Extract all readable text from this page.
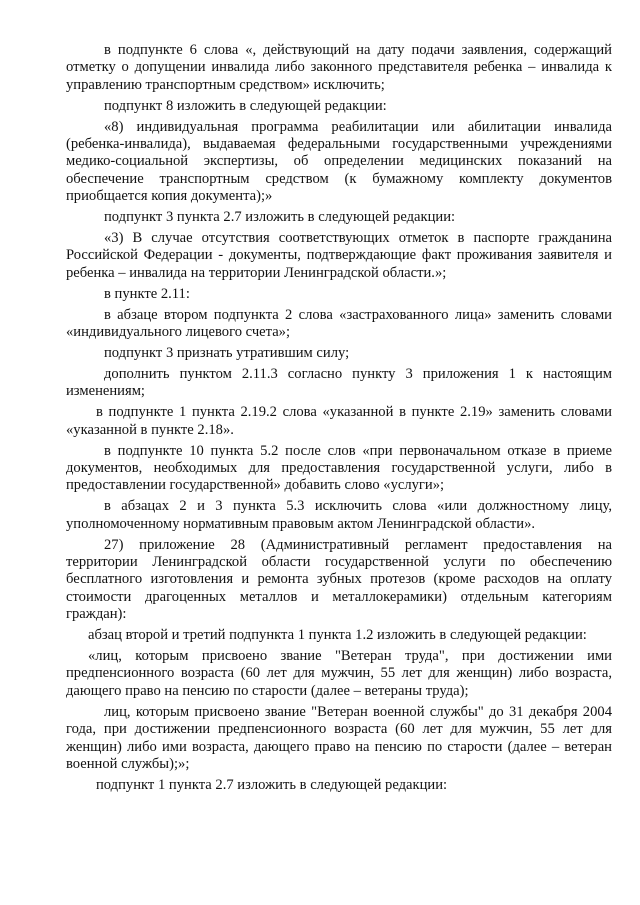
в подпункте 6 слова «, действующий на дату подачи заявления, содержащий отметку о допущении инвалида либо законного представителя ребенка – инвалида к управлению транспортным средством» исключить;

подпункт 8 изложить в следующей редакции:

«8) индивидуальная программа реабилитации или абилитации инвалида (ребенка-инвалида), выдаваемая федеральными государственными учреждениями медико-социальной экспертизы, об определении медицинских показаний на обеспечение транспортным средством (к бумажному комплекту документов приобщается копия документа);»

подпункт 3 пункта 2.7 изложить в следующей редакции:

«3) В случае отсутствия соответствующих отметок в паспорте гражданина Российской Федерации - документы, подтверждающие факт проживания заявителя и ребенка – инвалида на территории Ленинградской области.»;

в пункте 2.11:

в абзаце втором подпункта 2 слова «застрахованного лица» заменить словами «индивидуального лицевого счета»;

подпункт 3 признать утратившим силу;

дополнить пунктом 2.11.3 согласно пункту 3 приложения 1 к настоящим изменениям;

в подпункте 1 пункта 2.19.2 слова «указанной в пункте 2.19» заменить словами «указанной в пункте 2.18».

в подпункте 10 пункта 5.2 после слов «при первоначальном отказе в приеме документов, необходимых для предоставления государственной услуги, либо в предоставлении государственной» добавить слово «услуги»;

в абзацах 2 и 3 пункта 5.3 исключить слова «или должностному лицу, уполномоченному нормативным правовым актом Ленинградской области».

27) приложение 28 (Административный регламент предоставления на территории Ленинградской области государственной услуги по обеспечению бесплатного изготовления и ремонта зубных протезов (кроме расходов на оплату стоимости драгоценных металлов и металлокерамики) отдельным категориям граждан):

абзац второй и третий подпункта 1 пункта 1.2 изложить в следующей редакции:

«лиц, которым присвоено звание "Ветеран труда", при достижении ими предпенсионного возраста (60 лет для мужчин, 55 лет для женщин) либо возраста, дающего право на пенсию по старости (далее – ветераны труда);

лиц, которым присвоено звание "Ветеран военной службы" до 31 декабря 2004 года, при достижении предпенсионного возраста (60 лет для мужчин, 55 лет для женщин) либо ими возраста, дающего право на пенсию по старости (далее – ветеран военной службы);»;

подпункт 1 пункта 2.7 изложить в следующей редакции:
